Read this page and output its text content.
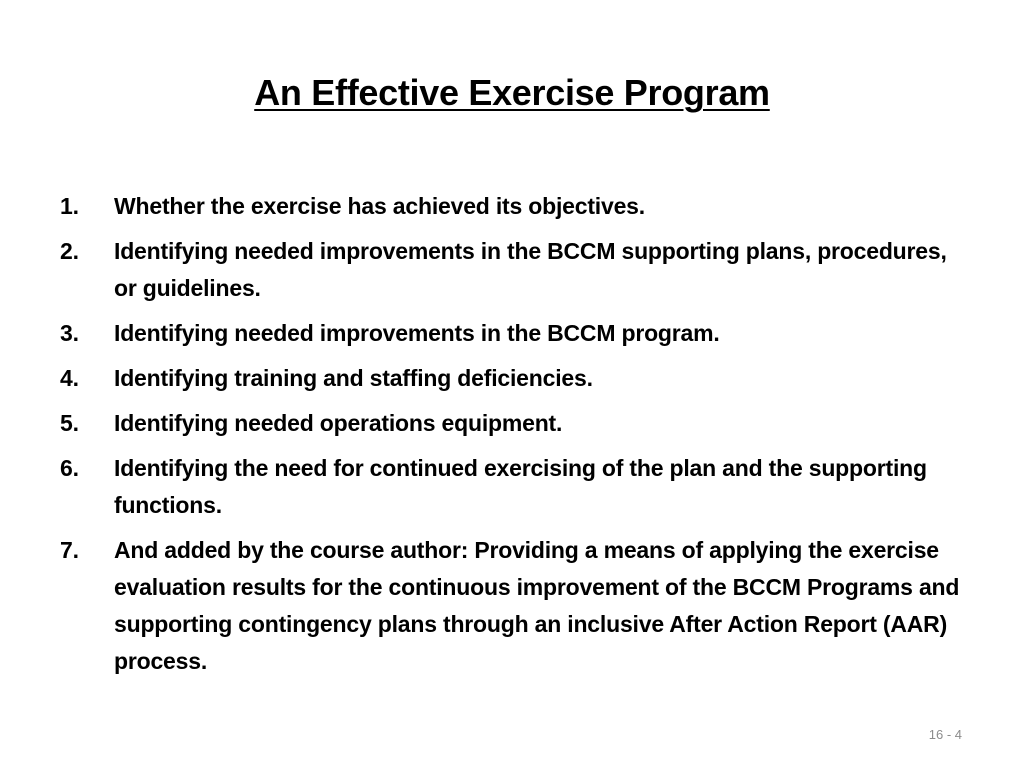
An Effective Exercise Program
1.	Whether the exercise has achieved its objectives.
2.	Identifying needed improvements in the BCCM supporting plans, procedures, or guidelines.
3.	Identifying needed improvements in the BCCM program.
4.	Identifying training and staffing deficiencies.
5.	Identifying needed operations equipment.
6.	Identifying the need for continued exercising of the plan and the supporting functions.
7.	And added by the course author: Providing a means of applying the exercise evaluation results for the continuous improvement of the BCCM Programs and supporting contingency plans through an inclusive After Action Report (AAR) process.
16 - 4
